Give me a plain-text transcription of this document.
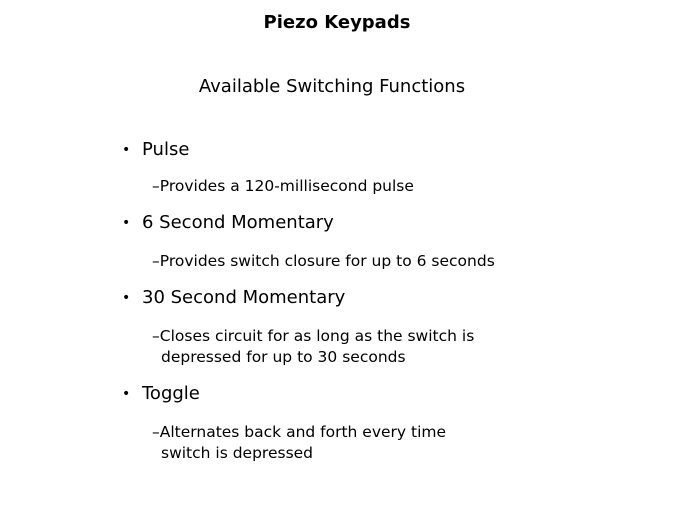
Piezo Keypads
Available Switching Functions
• Pulse
–Provides a 120-millisecond pulse
• 6 Second Momentary
–Provides switch closure for up to 6 seconds
• 30 Second Momentary
–Closes circuit for as long as the switch is
depressed for up to 30 seconds
• Toggle
–Alternates back and forth every time
switch is depressed
